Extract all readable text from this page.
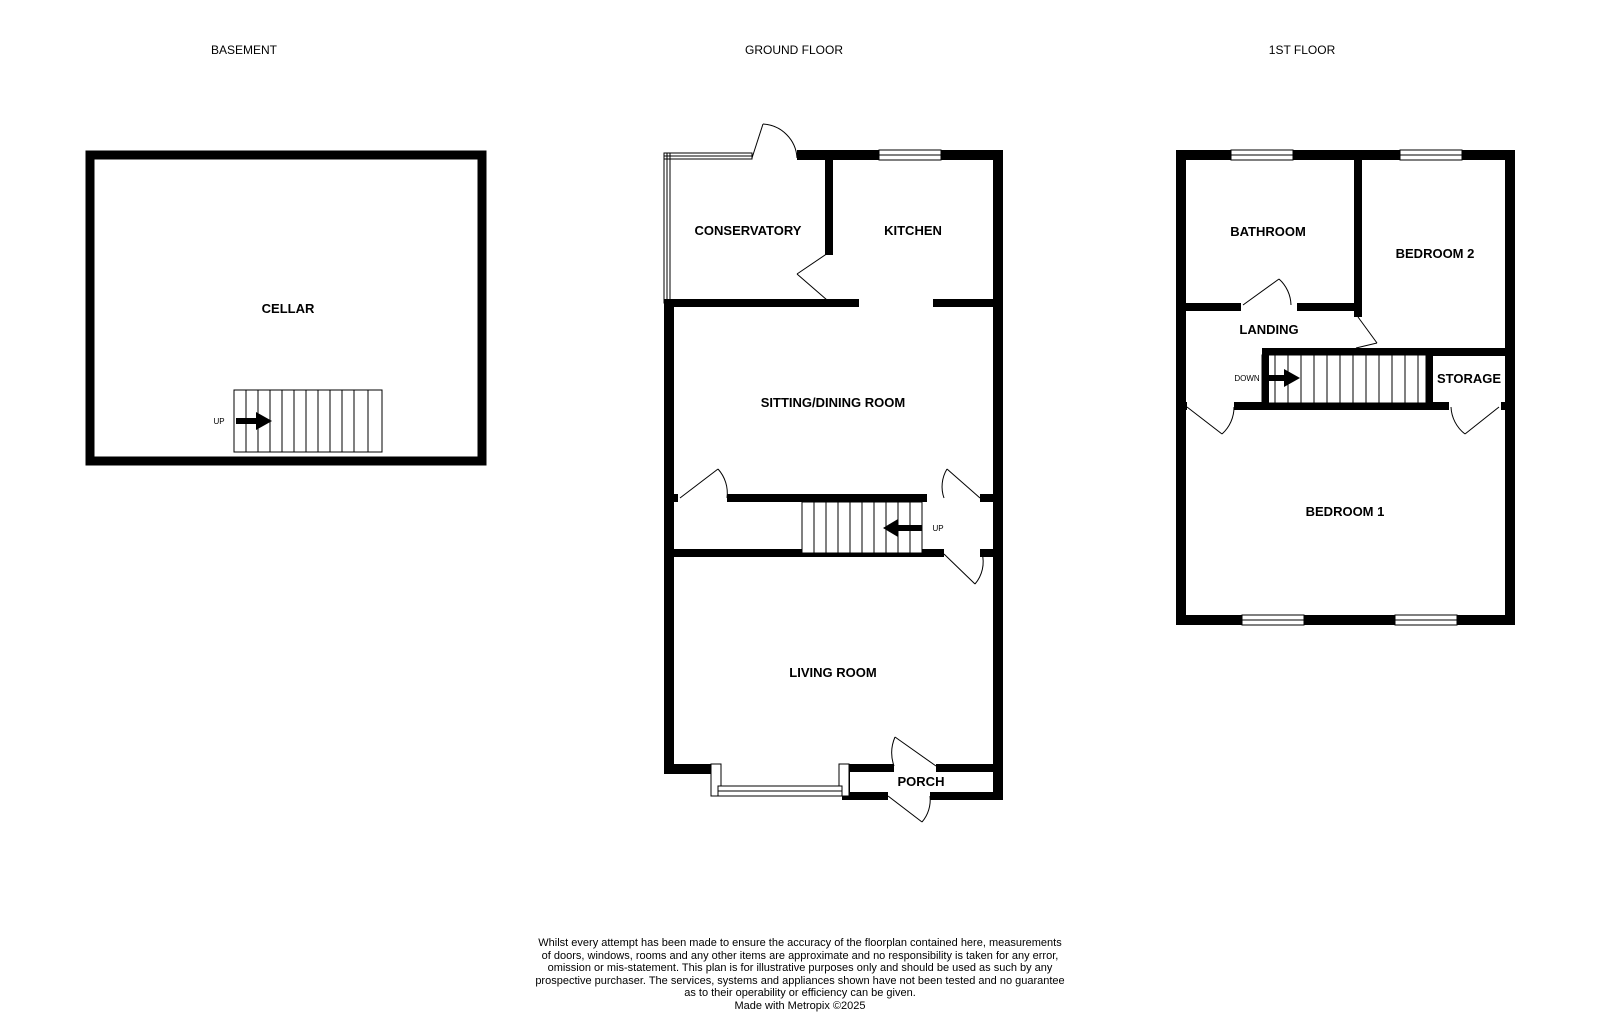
BASEMENT
CELLAR
UP
GROUND FLOOR
UP
CONSERVATORY	KITCHEN
SITTING/DINING ROOM
LIVING ROOM
PORCH
1ST FLOOR
DOWN
BATHROOM
BEDROOM 2
LANDING
STORAGE
BEDROOM 1
Whilst every attempt has been made to ensure the accuracy of the floorplan contained here, measurements
of doors, windows, rooms and any other items are approximate and no responsibility is taken for any error,
omission or mis-statement. This plan is for illustrative purposes only and should be used as such by any
prospective purchaser. The services, systems and appliances shown have not been tested and no guarantee
as to their operability or efficiency can be given.
Made with Metropix ©2025
